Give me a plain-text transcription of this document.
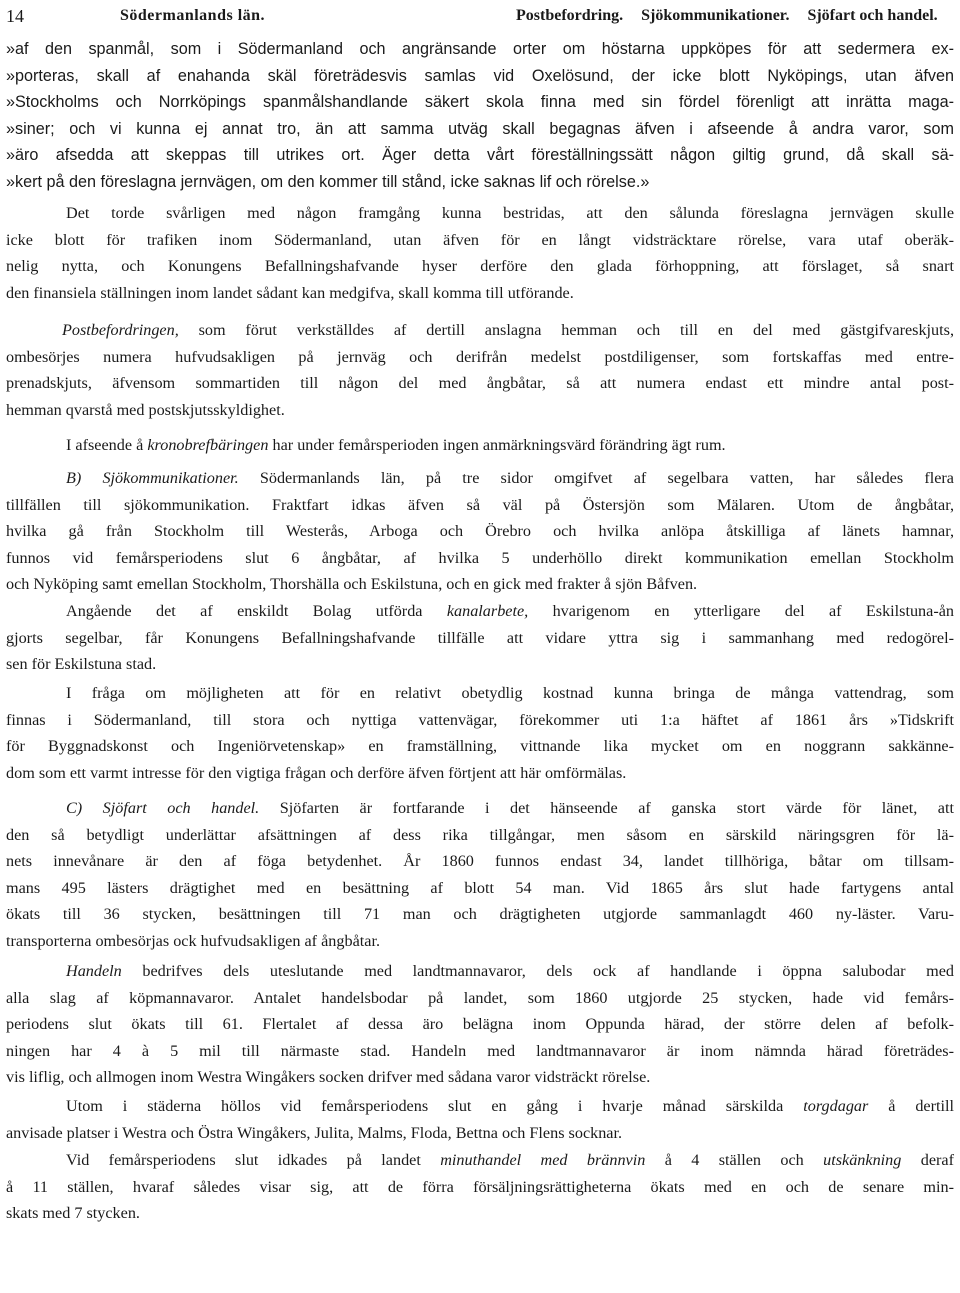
14	Södermanlands län.	Postbefordring. Sjökommunikationer. Sjöfart och handel.
»af den spanmål, som i Södermanland och angränsande orter om höstarna uppköpes för att sedermera ex-
»porteras, skall af enahanda skäl företrädesvis samlas vid Oxelösund, der icke blott Nyköpings, utan äfven
»Stockholms och Norrköpings spanmålshandlande säkert skola finna med sin fördel förenligt att inrätta maga-
»siner; och vi kunna ej annat tro, än att samma utväg skall begagnas äfven i afseende å andra varor, som
»äro afsedda att skeppas till utrikes ort. Äger detta vårt föreställningssätt någon giltig grund, då skall sä-
»kert på den föreslagna jernvägen, om den kommer till stånd, icke saknas lif och rörelse.»
Det torde svårligen med någon framgång kunna bestridas, att den sålunda föreslagna jernvägen skulle
icke blott för trafiken inom Södermanland, utan äfven för en långt vidsträcktare rörelse, vara utaf oberäk-
nelig nytta, och Konungens Befallningshafvande hyser derföre den glada förhoppning, att förslaget, så snart
den finansiela ställningen inom landet sådant kan medgifva, skall komma till utförande.
Postbefordringen, som förut verkställdes af dertill anslagna hemman och till en del med gästgifvareskjuts,
ombesörjes numera hufvudsakligen på jernväg och derifrån medelst postdiligenser, som fortskaffas med entre-
prenadskjuts, äfvensom sommartiden till någon del med ångbåtar, så att numera endast ett mindre antal post-
hemman qvarstå med postskjutsskyldighet.
I afseende å kronobrefbäringen har under femårsperioden ingen anmärkningsvärd förändring ägt rum.
B) Sjökommunikationer. Södermanlands län, på tre sidor omgifvet af segelbara vatten, har således flera
tillfällen till sjökommunikation. Fraktfart idkas äfven så väl på Östersjön som Mälaren. Utom de ångbåtar,
hvilka gå från Stockholm till Westerås, Arboga och Örebro och hvilka anlöpa åtskilliga af länets hamnar,
funnos vid femårsperiodens slut 6 ångbåtar, af hvilka 5 underhöllo direkt kommunikation emellan Stockholm
och Nyköping samt emellan Stockholm, Thorshälla och Eskilstuna, och en gick med frakter å sjön Båfven.
Angående det af enskildt Bolag utförda kanalarbete, hvarigenom en ytterligare del af Eskilstuna-ån
gjorts segelbar, får Konungens Befallningshafvande tillfälle att vidare yttra sig i sammanhang med redogörel-
sen för Eskilstuna stad.
I fråga om möjligheten att för en relativt obetydlig kostnad kunna bringa de många vattendrag, som
finnas i Södermanland, till stora och nyttiga vattenvägar, förekommer uti 1:a häftet af 1861 års »Tidskrift
för Byggnadskonst och Ingeniörvetenskap» en framställning, vittnande lika mycket om en noggrann sakkänne-
dom som ett varmt intresse för den vigtiga frågan och derföre äfven förtjent att här omförmälas.
C) Sjöfart och handel. Sjöfarten är fortfarande i det hänseende af ganska stort värde för länet, att
den så betydligt underlättar afsättningen af dess rika tillgångar, men såsom en särskild näringsgren för lä-
nets innevånare är den af föga betydenhet. År 1860 funnos endast 34, landet tillhöriga, båtar om tillsam-
mans 495 lästers drägtighet med en besättning af blott 54 man. Vid 1865 års slut hade fartygens antal
ökats till 36 stycken, besättningen till 71 man och drägtigheten utgjorde sammanlagdt 460 ny-läster. Varu-
transporterna ombesörjas ock hufvudsakligen af ångbåtar.
Handeln bedrifves dels uteslutande med landtmannavaror, dels ock af handlande i öppna salubodar med
alla slag af köpmannavaror. Antalet handelsbodar på landet, som 1860 utgjorde 25 stycken, hade vid femårs-
periodens slut ökats till 61. Flertalet af dessa äro belägna inom Oppunda härad, der större delen af befolk-
ningen har 4 à 5 mil till närmaste stad. Handeln med landtmannavaror är inom nämnda härad företrädes-
vis liflig, och allmogen inom Westra Wingåkers socken drifver med sådana varor vidsträckt rörelse.
Utom i städerna höllos vid femårsperiodens slut en gång i hvarje månad särskilda torgdagar å dertill
anvisade platser i Westra och Östra Wingåkers, Julita, Malms, Floda, Bettna och Flens socknar.
Vid femårsperiodens slut idkades på landet minuthandel med brännvin å 4 ställen och utskänkning deraf
å 11 ställen, hvaraf således visar sig, att de förra försäljningsrättigheterna ökats med en och de senare min-
skats med 7 stycken.
